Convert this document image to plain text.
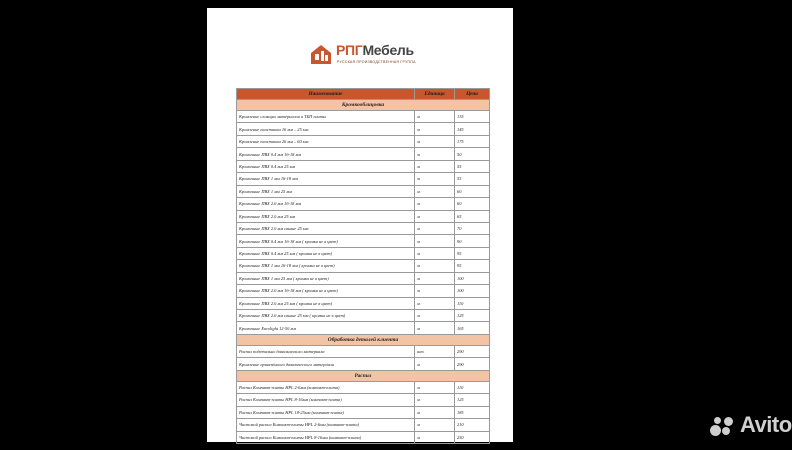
РПГМебель
РУССКАЯ ПРОИЗВОДСТВЕННАЯ ГРУППА
Наименование	Единица	Цена
Кромкооблицовка		
Кромление слоящих материалов и ТБП плиты	м	135
Кромление пластиком 16 мм – 25 мм	м	145
Кромление пластиком 26 мм – 60 мм	м	175
Кромочные ПВХ 0.4 мм 16-18 мм	м	50
Кромочные ПВХ 0.4 мм 25 мм	м	55
Кромочные ПВХ 1 мм 16-18 мм	м	55
Кромочные ПВХ 1 мм 25 мм	м	60
Кромочные ПВХ 2.0 мм 16-18 мм	м	60
Кромочные ПВХ 2.0 мм 25 мм	м	65
Кромочные ПВХ 2.0 мм свыше 25 мм	м	70
Кромочные ПВХ 0.4 мм 16-18 мм ( кромка не в цвет)	м	90
Кромочные ПВХ 0.4 мм 25 мм ( кромка не в цвет)	м	95
Кромочные ПВХ 1 мм 16-18 мм ( кромка не в цвет)	м	95
Кромочные ПВХ 1 мм 25 мм ( кромка не в цвет)	м	100
Кромочные ПВХ 2.0 мм 16-18 мм ( кромка не в цвет)	м	100
Кромочные ПВХ 2.0 мм 25 мм ( кромка не в цвет)	м	110
Кромочные ПВХ 2.0 мм свыше 25 мм ( кромка не в цвет)	м	125
Кромочные Eurolight 12-50 мм	м	165
Обработка деталей клиента		
Распил подетально давальческого материала	шт.	290
Кромление привезённого давальческого материала	м	290
Распил		
Распил Компакт-плиты HPL 2-6мм (компакт-плита)	м	110
Распил Компакт-плиты HPL 8-16мм (компакт-плита)	м	125
Распил Компакт-плиты HPL 18-25мм (компакт-плита)	м	185
Чистовой распил Компакт-плиты HPL 2-6мм (компакт-плита)	м	210
Чистовой распил Компакт-плиты HPL 8-16мм (компакт-плита)	м	250
Avito
